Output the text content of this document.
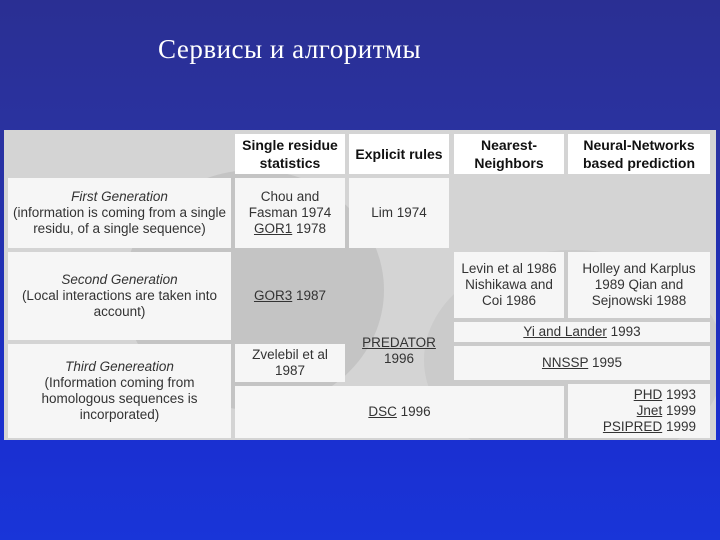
Сервисы и алгоритмы
Single residue statistics
Explicit rules
Nearest-Neighbors
Neural-Networks based prediction
First Generation
(information is coming from a single residu, of a single sequence)
Chou and Fasman 1974
GOR1 1978
Lim 1974
Second Generation
(Local interactions are taken into account)
GOR3 1987
Levin et al 1986 Nishikawa and Coi 1986
Holley and Karplus 1989 Qian and Sejnowski 1988
PREDATOR
1996
Yi and Lander 1993
Third Genereation
(Information coming from homologous sequences is incorporated)
Zvelebil et al 1987
NNSSP 1995
DSC 1996
PHD 1993
Jnet 1999
PSIPRED 1999
